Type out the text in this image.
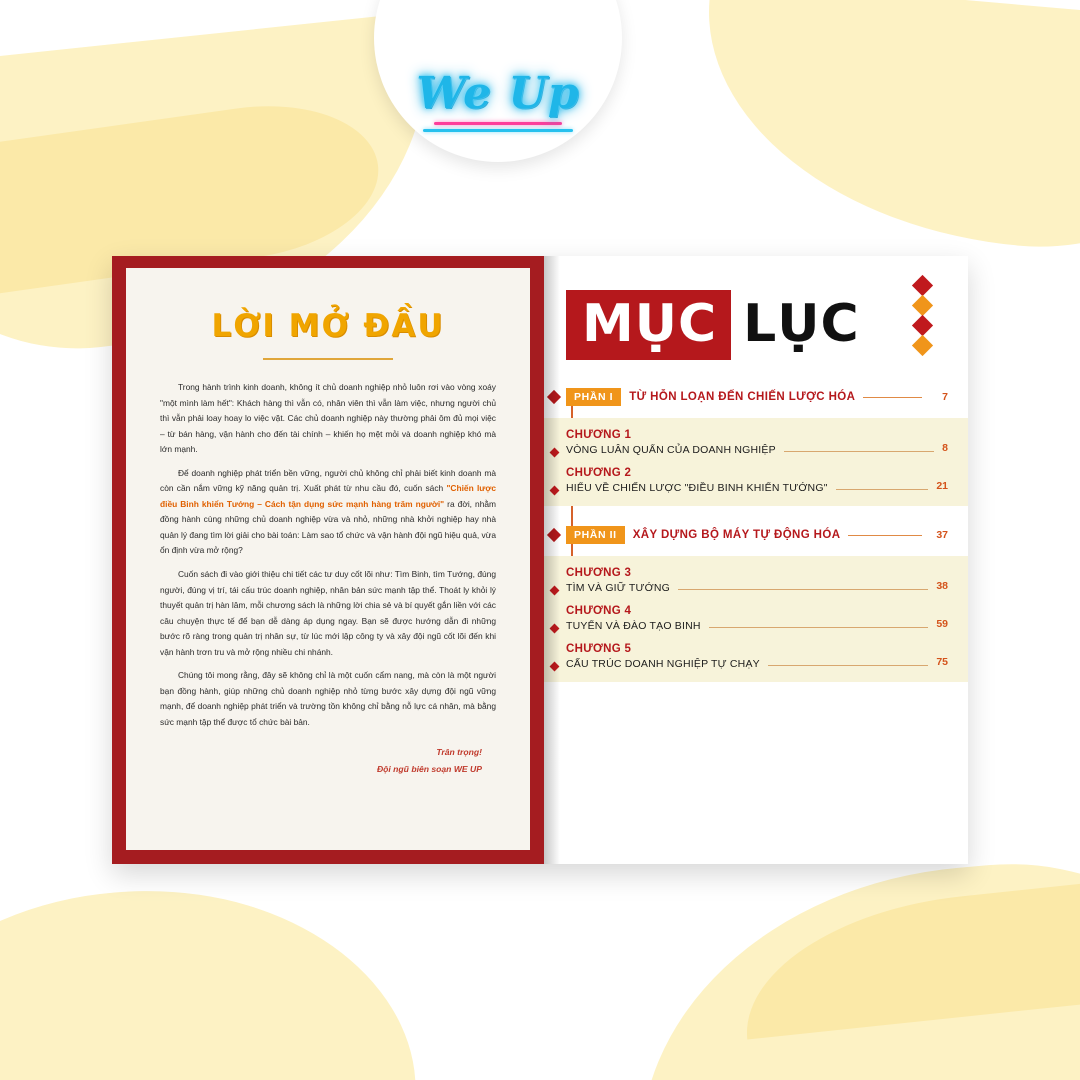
We Up
LỜI MỞ ĐẦU

Trong hành trình kinh doanh, không ít chủ doanh nghiệp nhỏ luôn rơi vào vòng xoáy "một mình làm hết": Khách hàng thì vẫn có, nhân viên thì vẫn làm việc, nhưng người chủ thì vẫn phải loay hoay lo việc vặt. Các chủ doanh nghiệp này thường phải ôm đủ mọi việc – từ bán hàng, vận hành cho đến tài chính – khiến họ mệt mỏi và doanh nghiệp khó mà lớn mạnh.

Để doanh nghiệp phát triển bền vững, người chủ không chỉ phải biết kinh doanh mà còn cần nắm vững kỹ năng quản trị. Xuất phát từ nhu cầu đó, cuốn sách "Chiến lược điều Binh khiển Tướng – Cách tận dụng sức mạnh hàng trăm người" ra đời, nhằm đồng hành cùng những chủ doanh nghiệp vừa và nhỏ, những nhà khởi nghiệp hay nhà quản lý đang tìm lời giải cho bài toán: Làm sao tổ chức và vận hành đội ngũ hiệu quả, vừa ổn định vừa mở rộng?

Cuốn sách đi vào giới thiệu chi tiết các tư duy cốt lõi như: Tìm Binh, tìm Tướng, đúng người, đúng vị trí, tái cấu trúc doanh nghiệp, nhân bản sức mạnh tập thể. Thoát ly khỏi lý thuyết quản trị hàn lâm, mỗi chương sách là những lời chia sẻ và bí quyết gắn liền với các câu chuyện thực tế để bạn dễ dàng áp dụng ngay. Bạn sẽ được hướng dẫn đi những bước rõ ràng trong quản trị nhân sự, từ lúc mới lập công ty và xây đội ngũ cốt lõi đến khi vận hành trơn tru và mở rộng nhiều chi nhánh.

Chúng tôi mong rằng, đây sẽ không chỉ là một cuốn cẩm nang, mà còn là một người bạn đồng hành, giúp những chủ doanh nghiệp nhỏ từng bước xây dựng đội ngũ vững mạnh, để doanh nghiệp phát triển và trường tồn không chỉ bằng nỗ lực cá nhân, mà bằng sức mạnh tập thể được tổ chức bài bản.

Trân trọng!
Đội ngũ biên soạn WE UP
MỤC LỤC
PHẦN I	TỪ HỖN LOẠN ĐẾN CHIẾN LƯỢC HÓA	7
CHƯƠNG 1
VÒNG LUÂN QUẨN CỦA DOANH NGHIỆP	8
CHƯƠNG 2
HIỂU VỀ CHIẾN LƯỢC "ĐIỀU BINH KHIỂN TƯỚNG"	21
PHẦN II	XÂY DỰNG BỘ MÁY TỰ ĐỘNG HÓA	37
CHƯƠNG 3
TÌM VÀ GIỮ TƯỚNG	38
CHƯƠNG 4
TUYỂN VÀ ĐÀO TẠO BINH	59
CHƯƠNG 5
CẤU TRÚC DOANH NGHIỆP TỰ CHẠY	75
